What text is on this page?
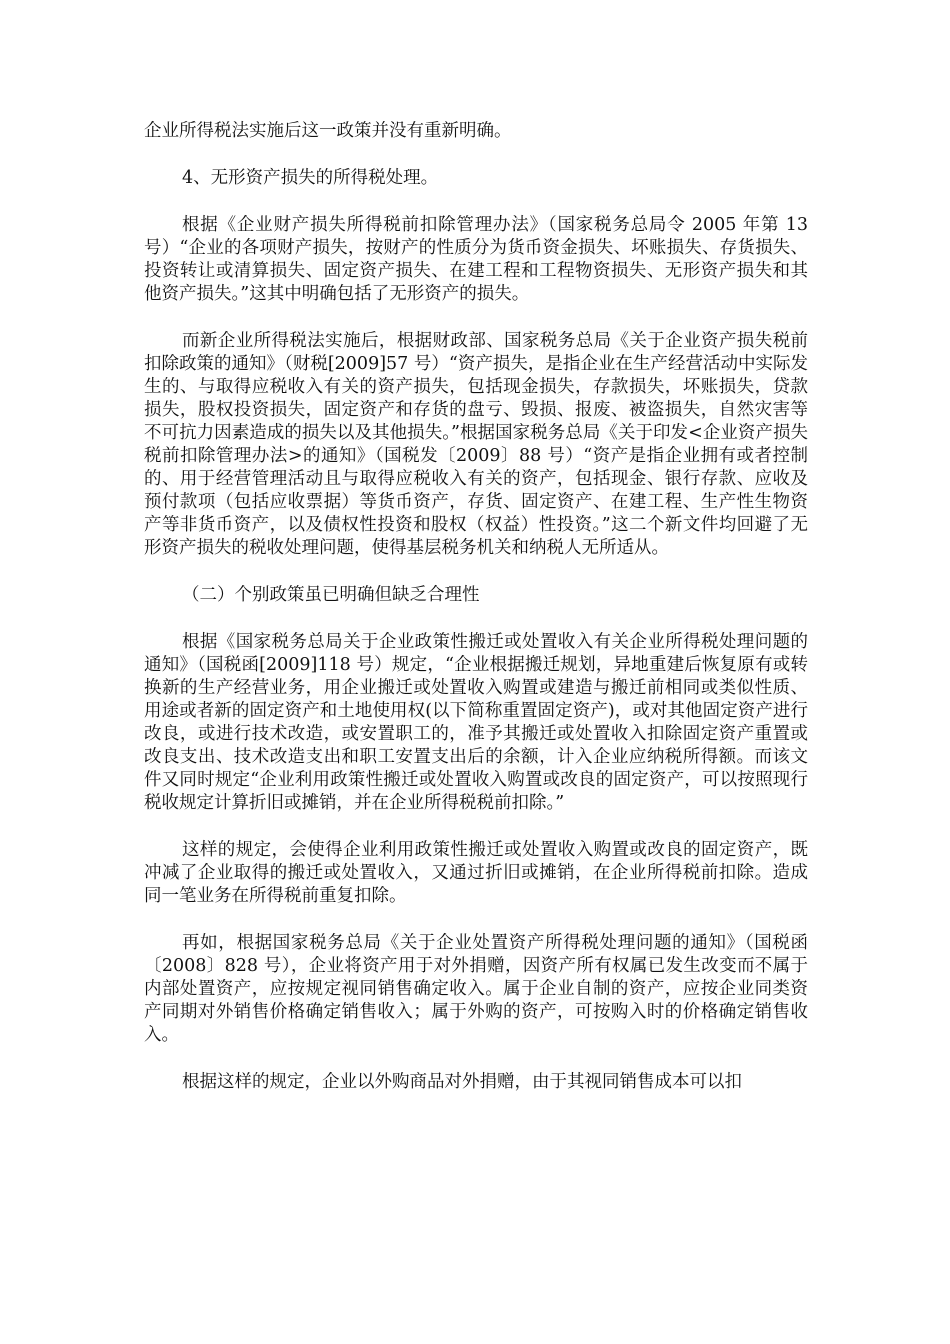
企业所得税法实施后这一政策并没有重新明确。

4、无形资产损失的所得税处理。

根据《企业财产损失所得税前扣除管理办法》（国家税务总局令 2005 年第 13 号）“企业的各项财产损失，按财产的性质分为货币资金损失、坏账损失、存货损失、投资转让或清算损失、固定资产损失、在建工程和工程物资损失、无形资产损失和其他资产损失。”这其中明确包括了无形资产的损失。

而新企业所得税法实施后，根据财政部、国家税务总局《关于企业资产损失税前扣除政策的通知》（财税[2009]57 号）“资产损失，是指企业在生产经营活动中实际发生的、与取得应税收入有关的资产损失，包括现金损失，存款损失，坏账损失，贷款损失，股权投资损失，固定资产和存货的盘亏、毁损、报废、被盗损失，自然灾害等不可抗力因素造成的损失以及其他损失。”根据国家税务总局《关于印发<企业资产损失税前扣除管理办法>的通知》（国税发〔2009〕88 号）“资产是指企业拥有或者控制的、用于经营管理活动且与取得应税收入有关的资产，包括现金、银行存款、应收及预付款项（包括应收票据）等货币资产，存货、固定资产、在建工程、生产性生物资产等非货币资产，以及债权性投资和股权（权益）性投资。”这二个新文件均回避了无形资产损失的税收处理问题，使得基层税务机关和纳税人无所适从。

（二）个别政策虽已明确但缺乏合理性

根据《国家税务总局关于企业政策性搬迁或处置收入有关企业所得税处理问题的通知》（国税函[2009]118 号）规定，“企业根据搬迁规划，异地重建后恢复原有或转换新的生产经营业务，用企业搬迁或处置收入购置或建造与搬迁前相同或类似性质、用途或者新的固定资产和土地使用权(以下简称重置固定资产)，或对其他固定资产进行改良，或进行技术改造，或安置职工的，准予其搬迁或处置收入扣除固定资产重置或改良支出、技术改造支出和职工安置支出后的余额，计入企业应纳税所得额。而该文件又同时规定“企业利用政策性搬迁或处置收入购置或改良的固定资产，可以按照现行税收规定计算折旧或摊销，并在企业所得税税前扣除。”

这样的规定，会使得企业利用政策性搬迁或处置收入购置或改良的固定资产，既冲减了企业取得的搬迁或处置收入，又通过折旧或摊销，在企业所得税前扣除。造成同一笔业务在所得税前重复扣除。

再如，根据国家税务总局《关于企业处置资产所得税处理问题的通知》（国税函〔2008〕828 号），企业将资产用于对外捐赠，因资产所有权属已发生改变而不属于内部处置资产，应按规定视同销售确定收入。属于企业自制的资产，应按企业同类资产同期对外销售价格确定销售收入；属于外购的资产，可按购入时的价格确定销售收入。

根据这样的规定，企业以外购商品对外捐赠，由于其视同销售成本可以扣
